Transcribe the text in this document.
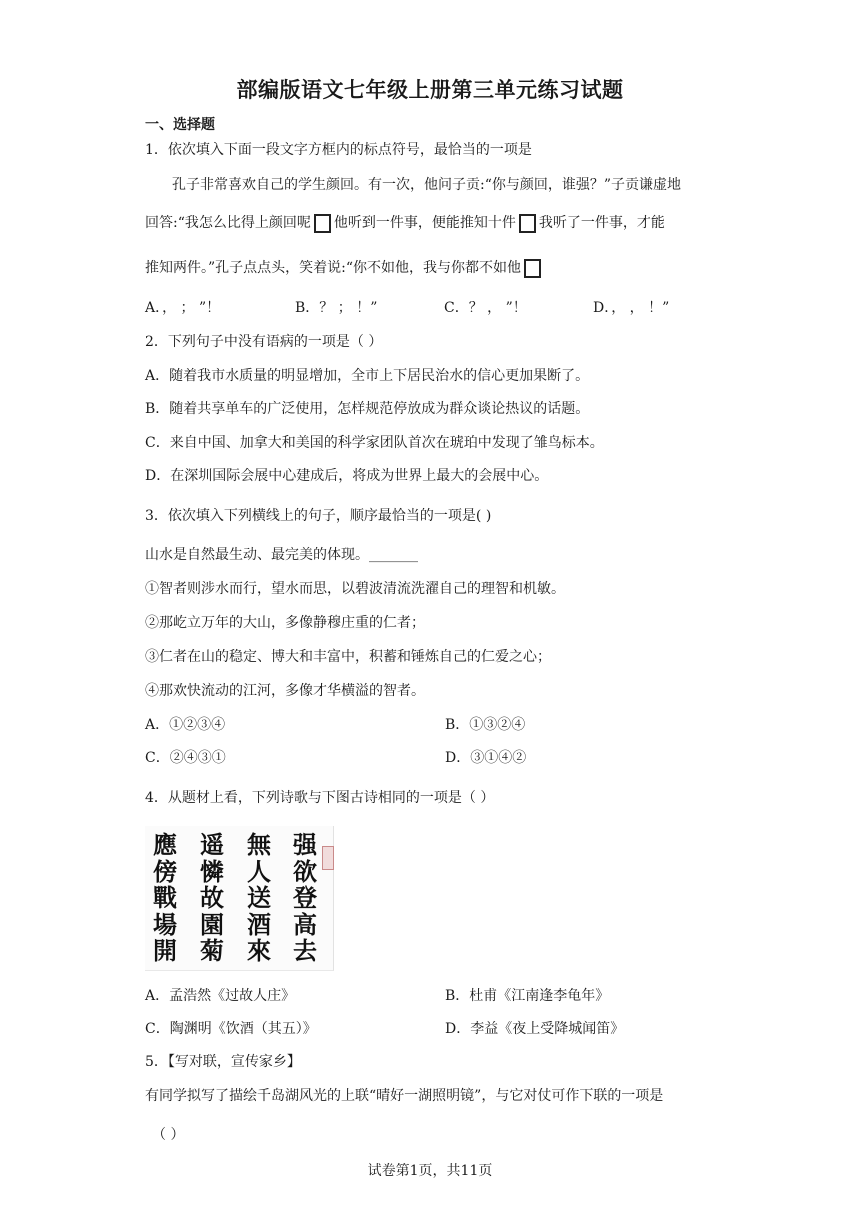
部编版语文七年级上册第三单元练习试题
一、选择题
1．依次填入下面一段文字方框内的标点符号，最恰当的一项是
孔子非常喜欢自己的学生颜回。有一次，他问子贡:“你与颜回，谁强？”子贡谦虚地
回答:“我怎么比得上颜回呢 他听到一件事，便能推知十件 我听了一件事，才能
推知两件。”孔子点点头，笑着说:“你不如他，我与你都不如他
A．， ； ”！	B．？ ； ！”	C．？ ， ”！	D．， ， ！”
2．下列句子中没有语病的一项是（ ）
A．随着我市水质量的明显增加，全市上下居民治水的信心更加果断了。
B．随着共享单车的广泛使用，怎样规范停放成为群众谈论热议的话题。
C．来自中国、加拿大和美国的科学家团队首次在琥珀中发现了雏鸟标本。
D．在深圳国际会展中心建成后，将成为世界上最大的会展中心。
3．依次填入下列横线上的句子，顺序最恰当的一项是( )
山水是自然最生动、最完美的体现。_______
①智者则涉水而行，望水而思，以碧波清流洗濯自己的理智和机敏。
②那屹立万年的大山，多像静穆庄重的仁者；
③仁者在山的稳定、博大和丰富中，积蓄和锤炼自己的仁爱之心；
④那欢快流动的江河，多像才华横溢的智者。
A．①②③④	B．①③②④
C．②④③①	D．③①④②
4．从题材上看，下列诗歌与下图古诗相同的一项是（ ）
應
傍
戰
場
開
遥
憐
故
園
菊
無
人
送
酒
來
强
欲
登
高
去
A．孟浩然《过故人庄》	B．杜甫《江南逢李龟年》
C．陶渊明《饮酒（其五）》	D．李益《夜上受降城闻笛》
5．【写对联，宣传家乡】
有同学拟写了描绘千岛湖风光的上联“晴好一湖照明镜”，与它对仗可作下联的一项是
（ ）
试卷第1页，共11页
